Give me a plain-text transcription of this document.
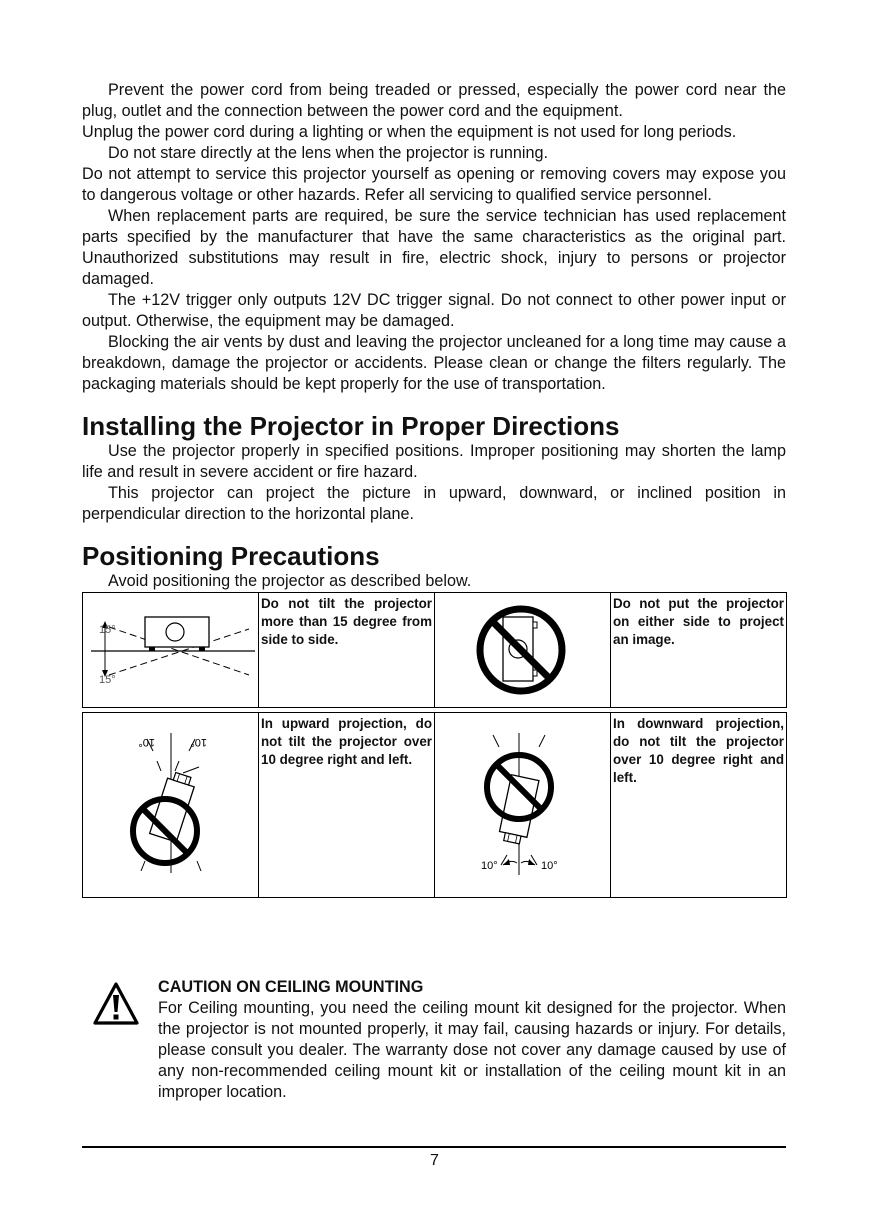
Prevent the power cord from being treaded or pressed, especially the power cord near the plug, outlet and the connection between the power cord and the equipment.

Unplug the power cord during a lighting or when the equipment is not used for long periods.

Do not stare directly at the lens when the projector is running.

Do not attempt to service this projector yourself as opening or removing covers may expose you to dangerous voltage or other hazards. Refer all servicing to qualified service personnel.

When replacement parts are required, be sure the service technician has used replacement parts specified by the manufacturer that have the same characteristics as the original part. Unauthorized substitutions may result in fire, electric shock, injury to persons or projector damaged.

The +12V trigger only outputs 12V DC trigger signal. Do not connect to other power input or output. Otherwise, the equipment may be damaged.

Blocking the air vents by dust and leaving the projector uncleaned for a long time may cause a breakdown, damage the projector or accidents. Please clean or change the filters regularly. The packaging materials should be kept properly for the use of transportation.

Installing the Projector in Proper Directions

Use the projector properly in specified positions. Improper positioning may shorten the lamp life and result in severe accident or fire hazard.

This projector can project the picture in upward, downward, or inclined position in perpendicular direction to the horizontal plane.

Positioning Precautions

Avoid positioning the projector as described below.

15°
15°	Do not tilt the projector more than 15 degree from side to side.		Do not put the projector on either side to project an image.

10° 10°	In upward projection, do not tilt the projector over 10 degree right and left.	10° 10°	In downward projection, do not tilt the projector over 10 degree right and left.

CAUTION ON CEILING MOUNTING

For Ceiling mounting, you need the ceiling mount kit designed for the projector. When the projector is not mounted properly, it may fail, causing hazards or injury. For details, please consult you dealer. The warranty dose not cover any damage caused by use of any non-recommended ceiling mount kit or installation of the ceiling mount kit in an improper location.

7
